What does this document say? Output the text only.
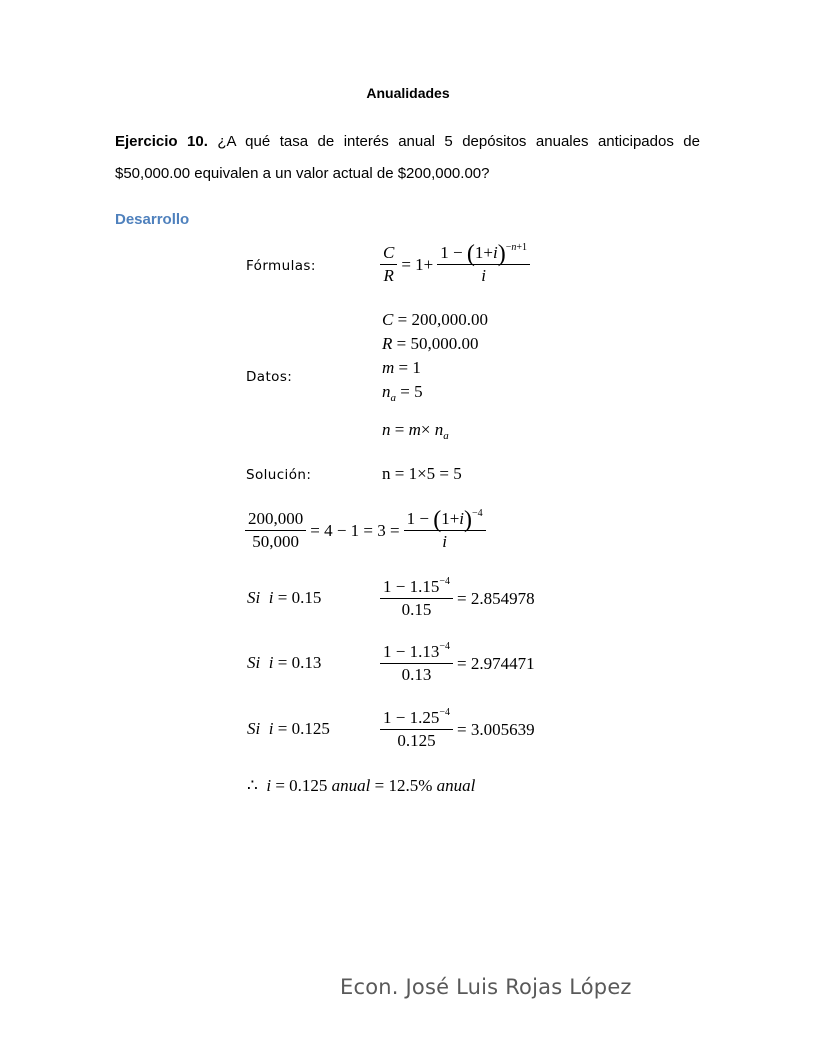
Anualidades
Ejercicio 10. ¿A qué tasa de interés anual 5 depósitos anuales anticipados de $50,000.00 equivalen a un valor actual de $200,000.00?
Desarrollo
Fórmulas:	$\frac{C}{R} = 1+ \frac{1 - (1+i)^{-n+1}}{i}$
Datos:
C = 200,000.00
R = 50,000.00
m = 1
$n_a = 5$
$n = m\times n_a$
Solución:	n = 1×5 = 5
$\frac{200,000}{50,000} = 4 - 1 = 3 = \frac{1 - (1+i)^{-4}}{i}$
Si i = 0.15	$\frac{1 - 1.15^{-4}}{0.15} = 2.854978$
Si i = 0.13	$\frac{1 - 1.13^{-4}}{0.13} = 2.974471$
Si i = 0.125	$\frac{1 - 1.25^{-4}}{0.125} = 3.005639$
∴ i = 0.125 anual = 12.5% anual
Econ. José Luis Rojas López
